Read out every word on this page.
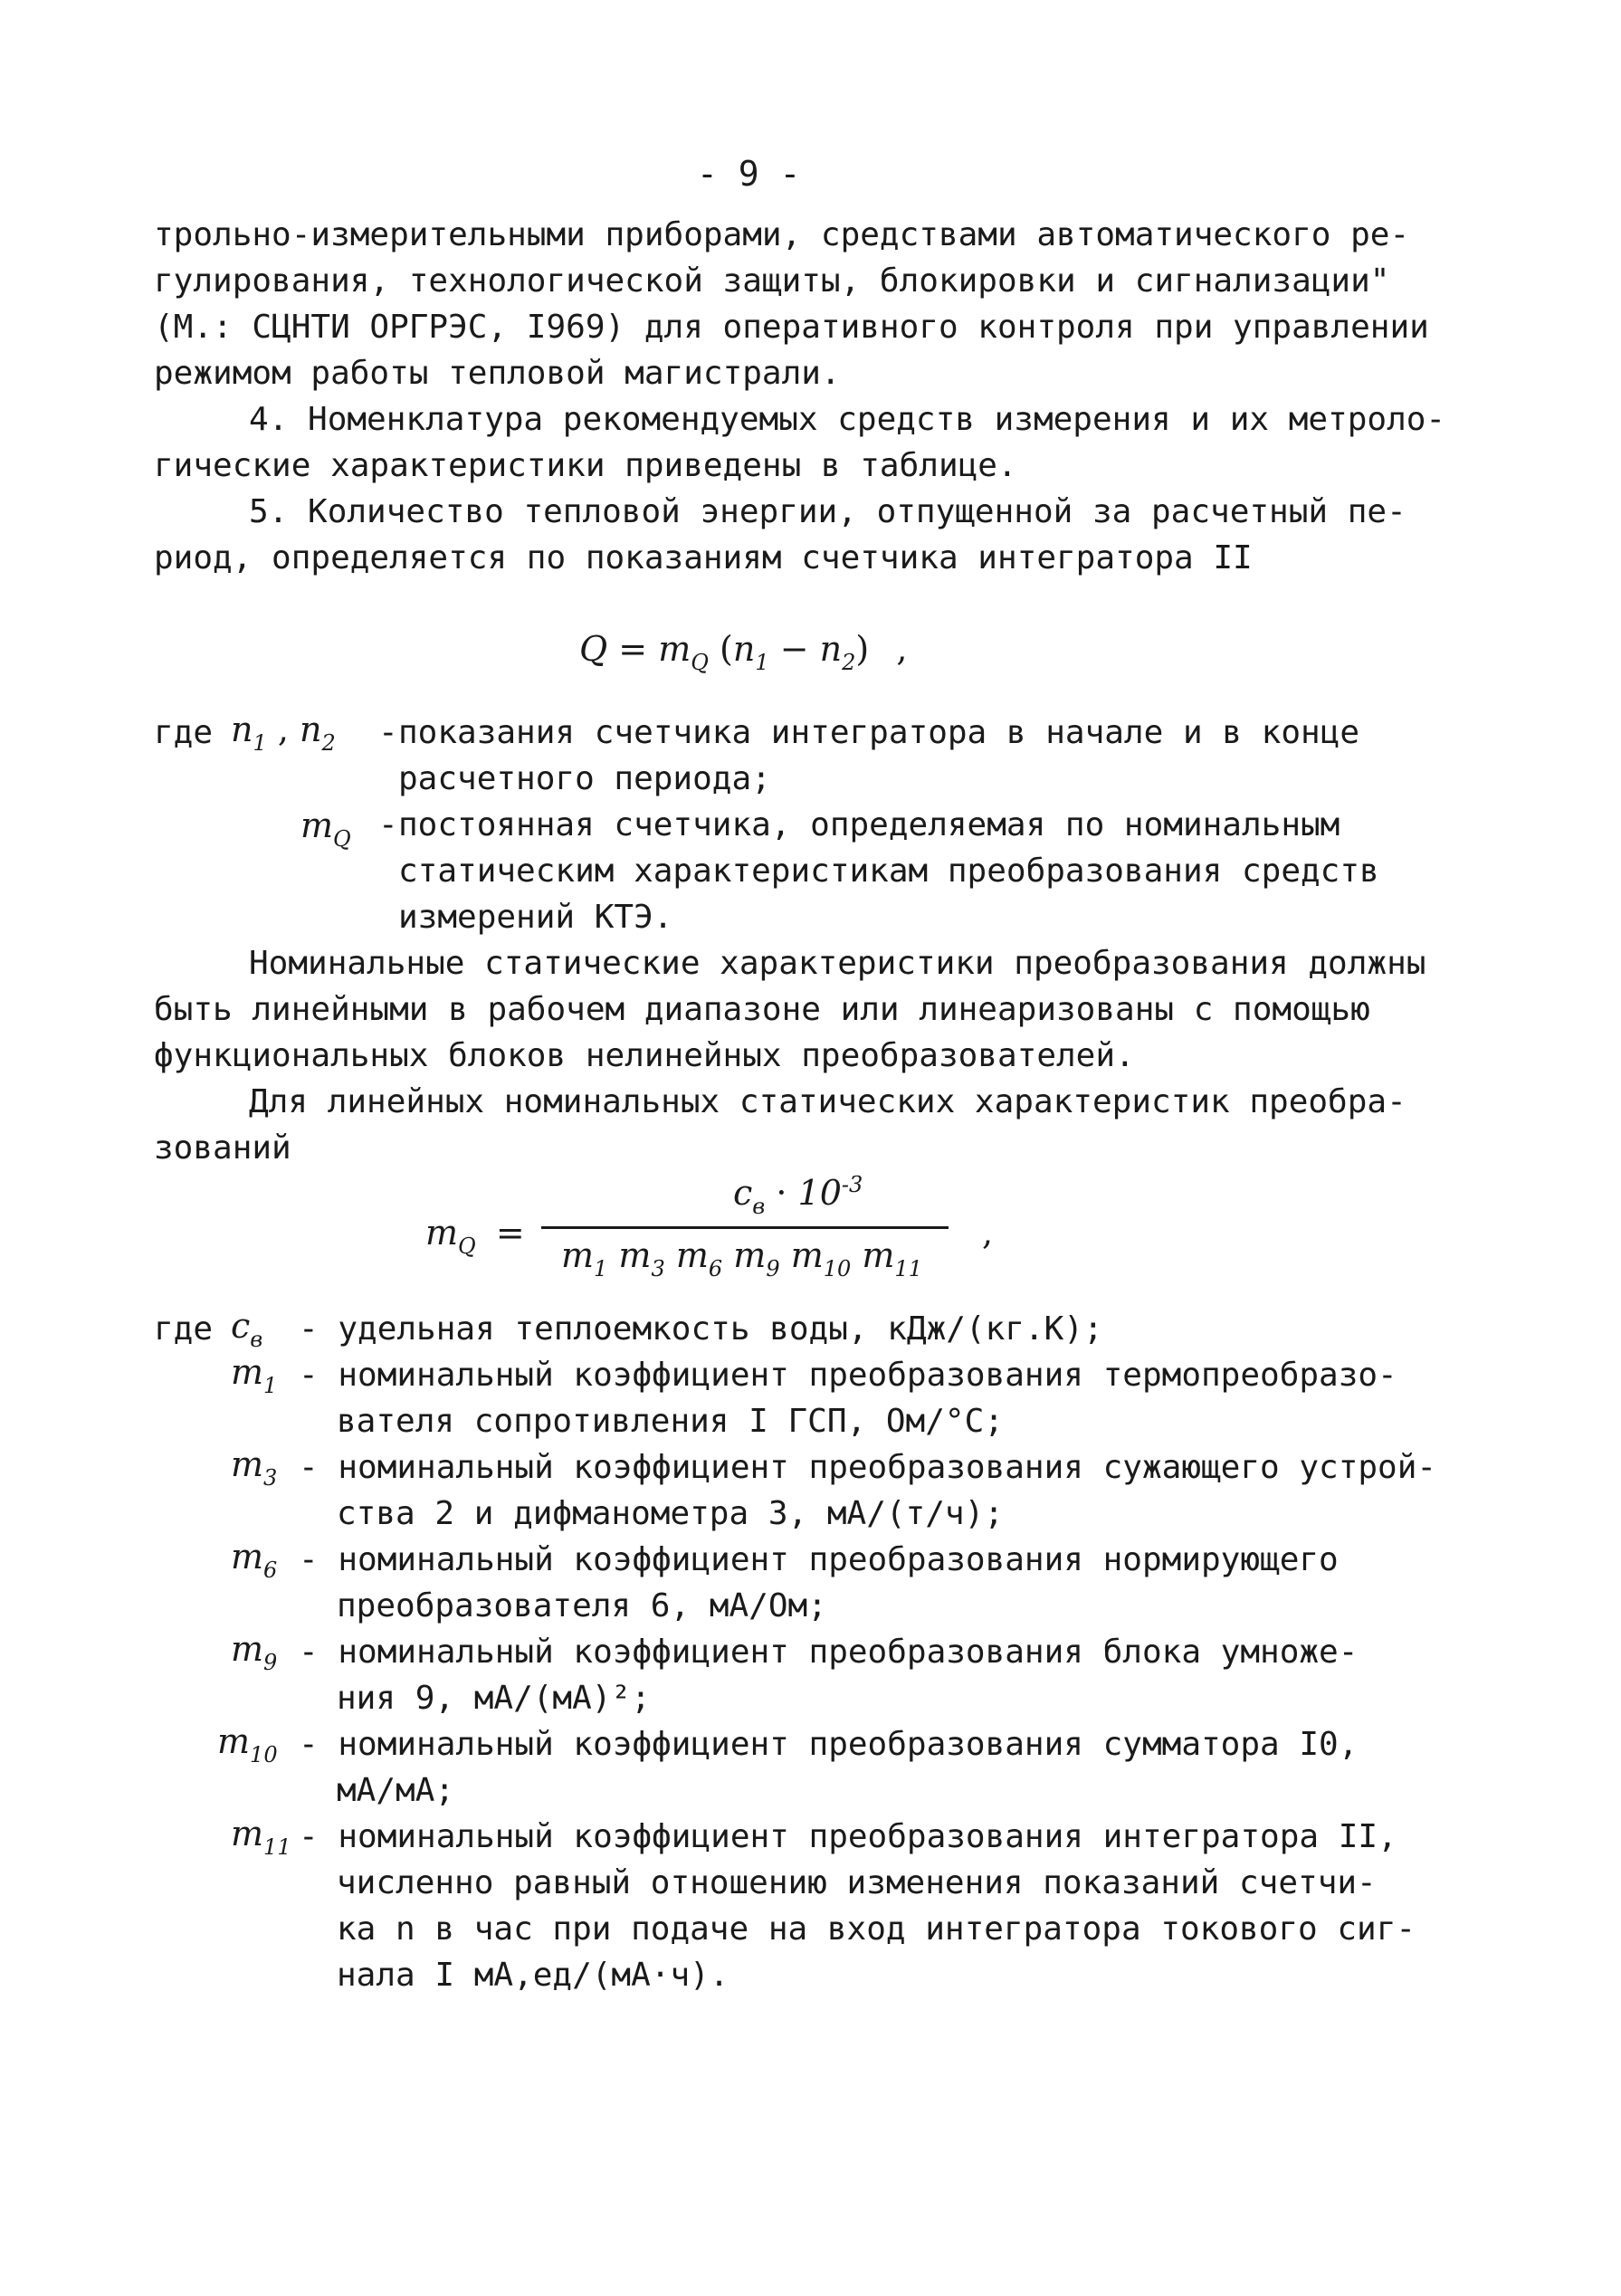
- 9 -
трольно-измерительными приборами, средствами автоматического ре-
гулирования, технологической защиты, блокировки и сигнализации"
(М.: СЦНТИ ОРГРЭС, I969) для оперативного контроля при управлении
режимом работы тепловой магистрали.
4. Номенклатура рекомендуемых средств измерения и их метроло-
гические характеристики приведены в таблице.
5. Количество тепловой энергии, отпущенной за расчетный пе-
риод, определяется по показаниям счетчика интегратора II
$Q = m_Q$ $(n_1 - n_2)$ ,
где $n_1$ , $n_2$ - показания счетчика интегратора в начале и в конце
расчетного периода;
$m_Q$ - постоянная счетчика, определяемая по номинальным
статическим характеристикам преобразования средств
измерений КТЭ.
Номинальные статические характеристики преобразования должны
быть линейными в рабочем диапазоне или линеаризованы с помощью
функциональных блоков нелинейных преобразователей.
Для линейных номинальных статических характеристик преобра-
зований
$m_Q$ =
$c_в \cdot 10^{-3}$
$m_1$ $m_3$ $m_6$ $m_9$ $m_{10}$ $m_{11}$
,
где $c_в$ - удельная теплоемкость воды, кДж/(кг.К);
$m_1$ - номинальный коэффициент преобразования термопреобразо-
вателя сопротивления I ГСП, Ом/°С;
$m_3$ - номинальный коэффициент преобразования сужающего устрой-
ства 2 и дифманометра 3, мА/(т/ч);
$m_6$ - номинальный коэффициент преобразования нормирующего
преобразователя 6, мА/Ом;
$m_9$ - номинальный коэффициент преобразования блока умноже-
ния 9, мА/(мА)²;
$m_{10}$ - номинальный коэффициент преобразования сумматора I0,
мА/мА;
$m_{11}$ - номинальный коэффициент преобразования интегратора II,
численно равный отношению изменения показаний счетчи-
ка n в час при подаче на вход интегратора токового сиг-
нала I мА,ед/(мА·ч).
